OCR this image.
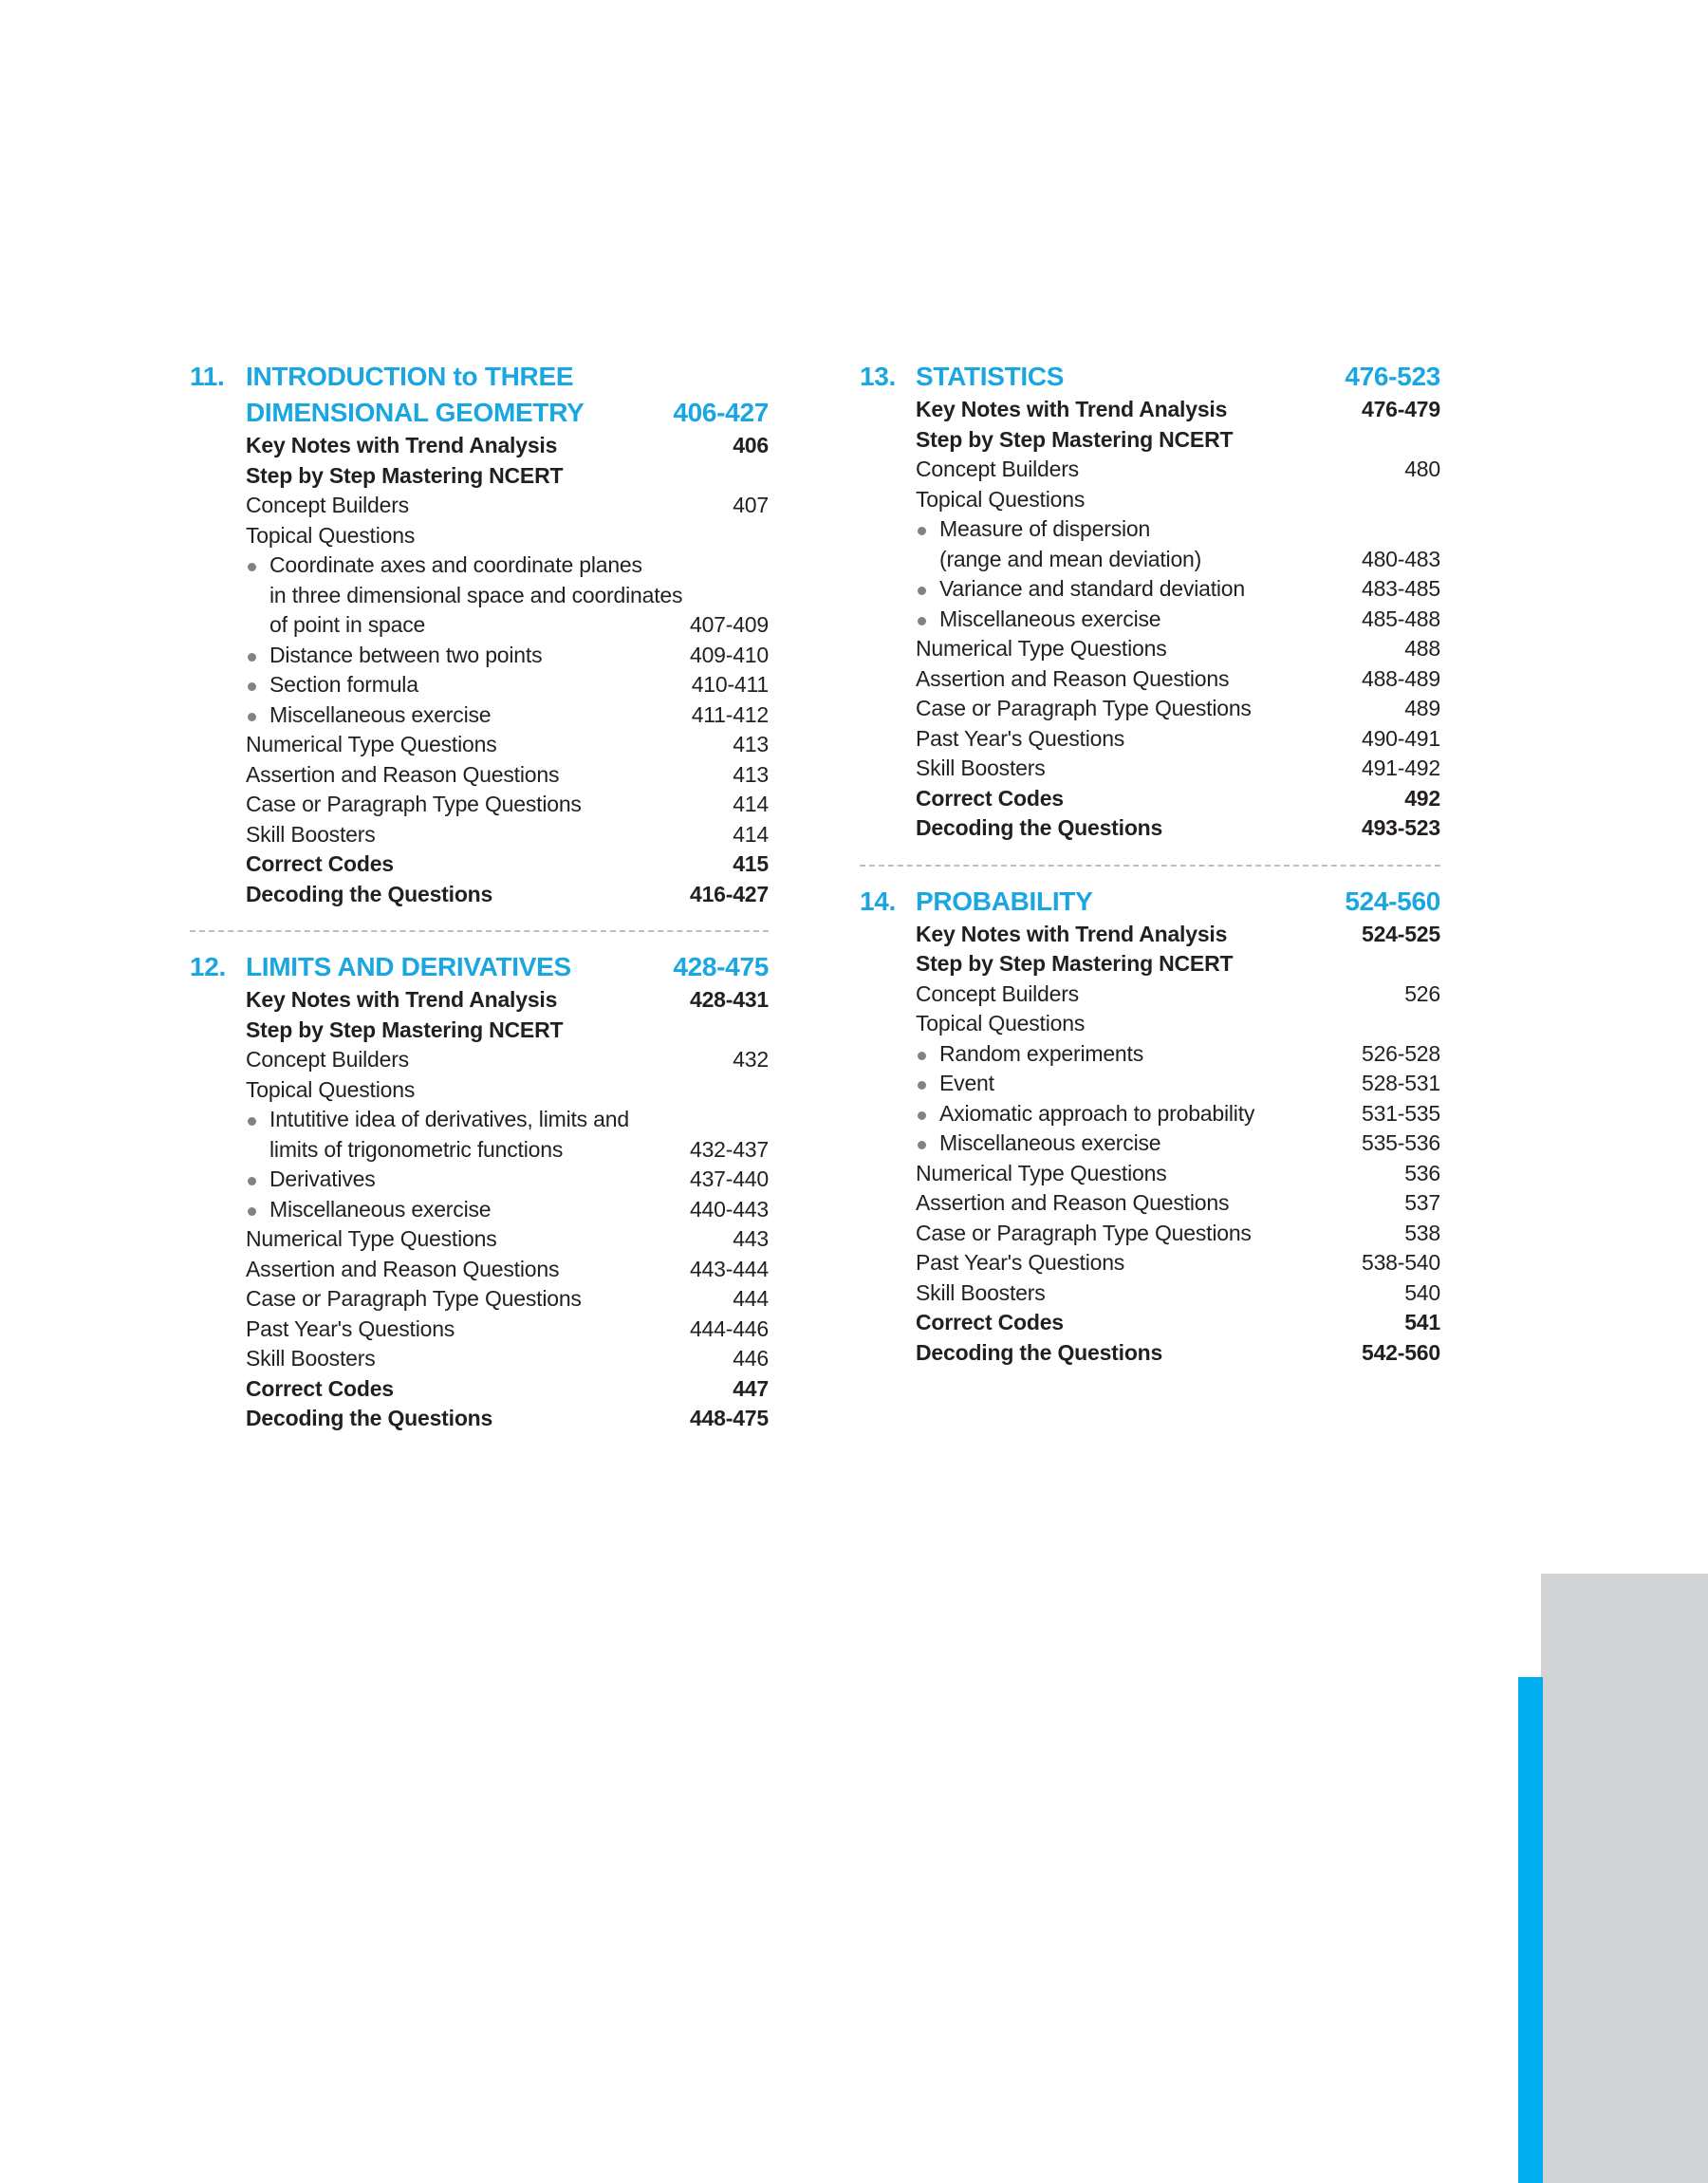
11. INTRODUCTION to THREE
DIMENSIONAL GEOMETRY	406-427
Key Notes with Trend Analysis	406
Step by Step Mastering NCERT
Concept Builders	407
Topical Questions
Coordinate axes and coordinate planes
in three dimensional space and coordinates
of point in space	407-409
Distance between two points	409-410
Section formula	410-411
Miscellaneous exercise	411-412
Numerical Type Questions	413
Assertion and Reason Questions	413
Case or Paragraph Type Questions	414
Skill Boosters	414
Correct Codes	415
Decoding the Questions	416-427
12. LIMITS AND DERIVATIVES	428-475
Key Notes with Trend Analysis	428-431
Step by Step Mastering NCERT
Concept Builders	432
Topical Questions
Intutitive idea of derivatives, limits and
limits of trigonometric functions	432-437
Derivatives	437-440
Miscellaneous exercise	440-443
Numerical Type Questions	443
Assertion and Reason Questions	443-444
Case or Paragraph Type Questions	444
Past Year's Questions	444-446
Skill Boosters	446
Correct Codes	447
Decoding the Questions	448-475
13. STATISTICS	476-523
Key Notes with Trend Analysis	476-479
Step by Step Mastering NCERT
Concept Builders	480
Topical Questions
Measure of dispersion
(range and mean deviation)	480-483
Variance and standard deviation	483-485
Miscellaneous exercise	485-488
Numerical Type Questions	488
Assertion and Reason Questions	488-489
Case or Paragraph Type Questions	489
Past Year's Questions	490-491
Skill Boosters	491-492
Correct Codes	492
Decoding the Questions	493-523
14. PROBABILITY	524-560
Key Notes with Trend Analysis	524-525
Step by Step Mastering NCERT
Concept Builders	526
Topical Questions
Random experiments	526-528
Event	528-531
Axiomatic approach to probability	531-535
Miscellaneous exercise	535-536
Numerical Type Questions	536
Assertion and Reason Questions	537
Case or Paragraph Type Questions	538
Past Year's Questions	538-540
Skill Boosters	540
Correct Codes	541
Decoding the Questions	542-560
